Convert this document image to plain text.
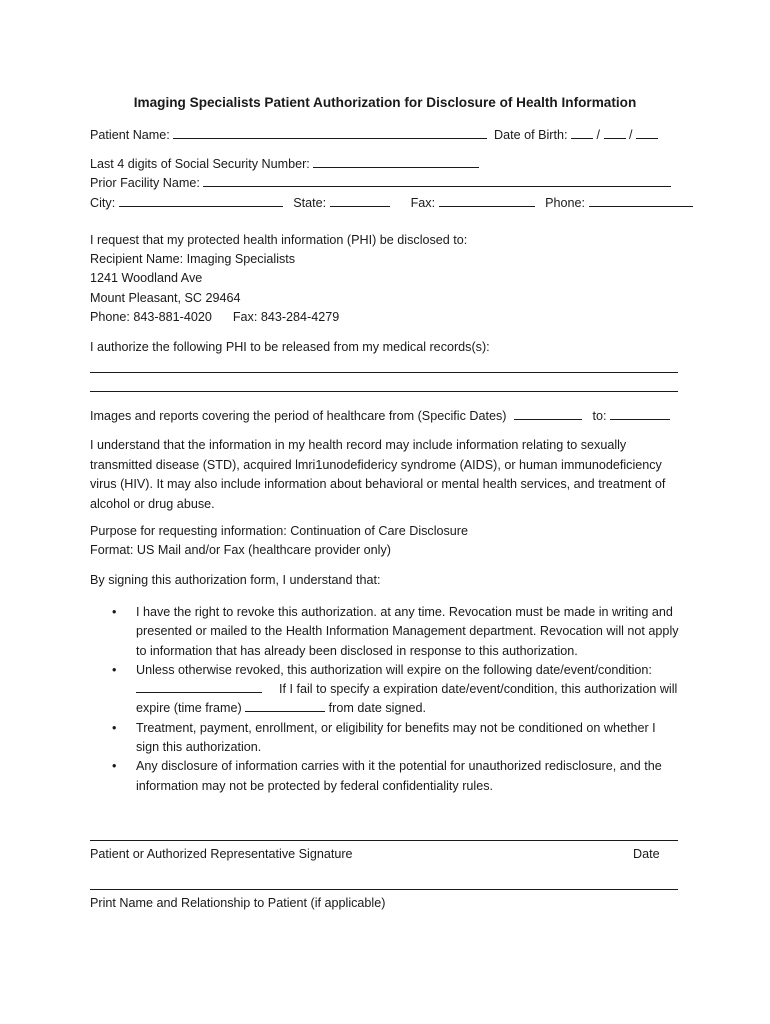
Imaging Specialists Patient Authorization for Disclosure of Health Information
Patient Name:	Date of Birth: / /
Last 4 digits of Social Security Number:
Prior Facility Name:
City:	State:	Fax:	Phone:
I request that my protected health information (PHI) be disclosed to:
Recipient Name: Imaging Specialists
1241 Woodland Ave
Mount Pleasant, SC 29464
Phone: 843-881-4020 Fax: 843-284-4279
I authorize the following PHI to be released from my medical records(s):
Images and reports covering the period of healthcare from (Specific Dates)	to:
I understand that the information in my health record may include information relating to sexually transmitted disease (STD), acquired lmri1unodefidericy syndrome (AIDS), or human immunodeficiency virus (HIV). It may also include information about behavioral or mental health services, and treatment of alcohol or drug abuse.
Purpose for requesting information: Continuation of Care Disclosure
Format: US Mail and/or Fax (healthcare provider only)
By signing this authorization form, I understand that:
• I have the right to revoke this authorization. at any time. Revocation must be made in writing and presented or mailed to the Health Information Management department. Revocation will not apply to information that has already been disclosed in response to this authorization.
• Unless otherwise revoked, this authorization will expire on the following date/event/condition:  If I fail to specify a expiration date/event/condition, this authorization will expire (time frame)	from date signed.
• Treatment, payment, enrollment, or eligibility for benefits may not be conditioned on whether I sign this authorization.
• Any disclosure of information carries with it the potential for unauthorized redisclosure, and the information may not be protected by federal confidentiality rules.
Patient or Authorized Representative Signature	Date
Print Name and Relationship to Patient (if applicable)
